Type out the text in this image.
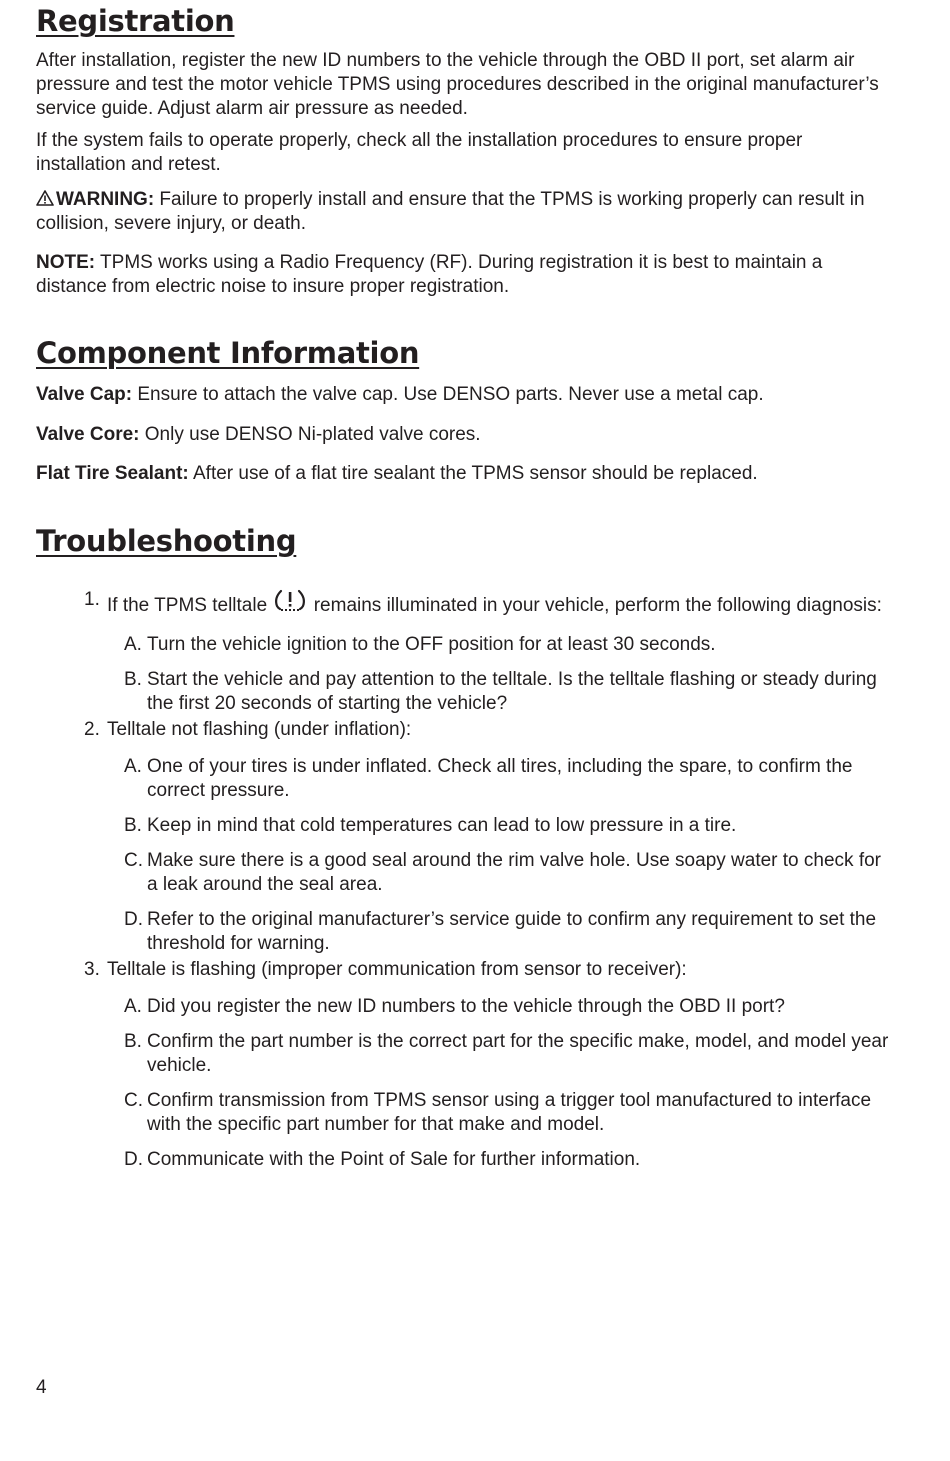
Registration

After installation, register the new ID numbers to the vehicle through the OBD II port, set alarm air pressure and test the motor vehicle TPMS using procedures described in the original manufacturer’s service guide. Adjust alarm air pressure as needed.

If the system fails to operate properly, check all the installation procedures to ensure proper installation and retest.

WARNING: Failure to properly install and ensure that the TPMS is working properly can result in collision, severe injury, or death.

NOTE: TPMS works using a Radio Frequency (RF). During registration it is best to maintain a distance from electric noise to insure proper registration.

Component Information

Valve Cap: Ensure to attach the valve cap. Use DENSO parts. Never use a metal cap.

Valve Core: Only use DENSO Ni-plated valve cores.

Flat Tire Sealant: After use of a flat tire sealant the TPMS sensor should be replaced.

Troubleshooting
1. If the TPMS telltale  remains illuminated in your vehicle, perform the following diagnosis:
A. Turn the vehicle ignition to the OFF position for at least 30 seconds.
B. Start the vehicle and pay attention to the telltale. Is the telltale flashing or steady during the first 20 seconds of starting the vehicle?
2. Telltale not flashing (under inflation):
A. One of your tires is under inflated. Check all tires, including the spare, to confirm the correct pressure.
B. Keep in mind that cold temperatures can lead to low pressure in a tire.
C. Make sure there is a good seal around the rim valve hole. Use soapy water to check for a leak around the seal area.
D. Refer to the original manufacturer’s service guide to confirm any requirement to set the threshold for warning.
3. Telltale is flashing (improper communication from sensor to receiver):
A. Did you register the new ID numbers to the vehicle through the OBD II port?
B. Confirm the part number is the correct part for the specific make, model, and model year vehicle.
C. Confirm transmission from TPMS sensor using a trigger tool manufactured to interface with the specific part number for that make and model.
D. Communicate with the Point of Sale for further information.
4
